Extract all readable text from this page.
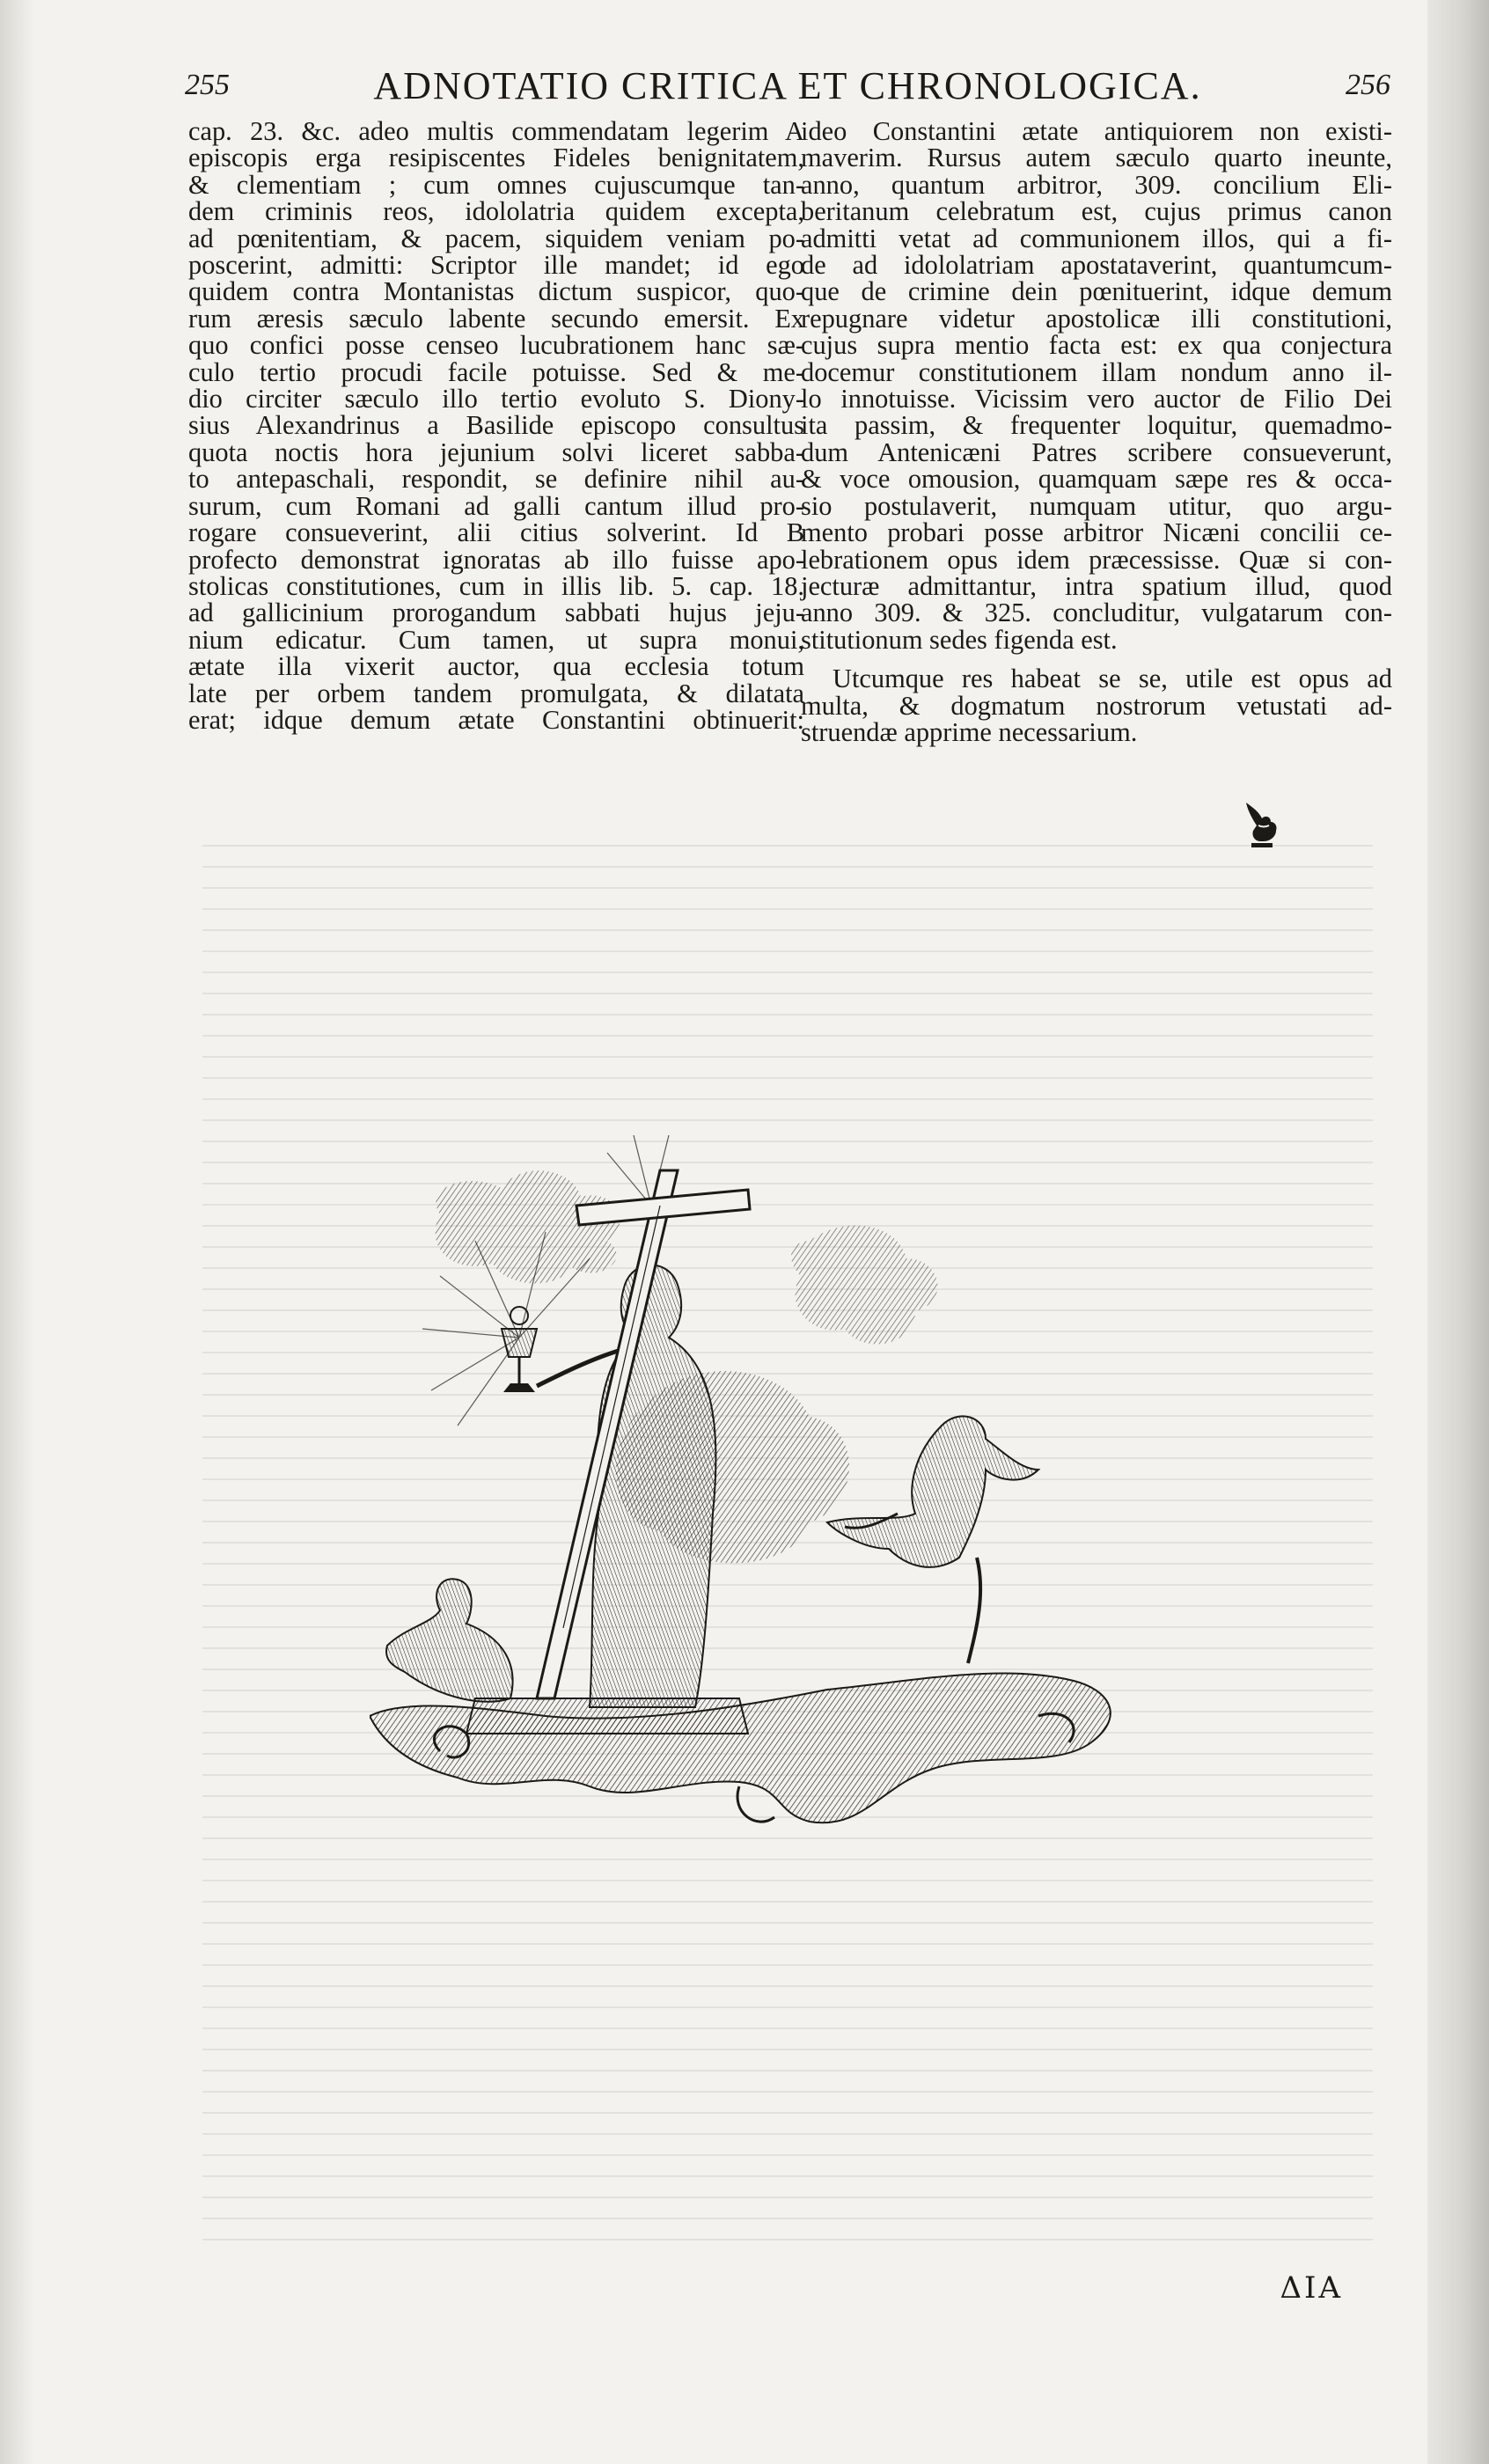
255	ADNOTATIO CRITICA ET CHRONOLOGICA.	256
cap. 23. &c. adeo multis commendatam legerim A
episcopis erga resipiscentes Fideles benignitatem,
& clementiam ; cum omnes cujuscumque tan-
dem criminis reos, idololatria quidem excepta,
ad pœnitentiam, & pacem, siquidem veniam po-
poscerint, admitti: Scriptor ille mandet; id ego
quidem contra Montanistas dictum suspicor, quo-
rum æresis sæculo labente secundo emersit. Ex
quo confici posse censeo lucubrationem hanc sæ-
culo tertio procudi facile potuisse. Sed & me-
dio circiter sæculo illo tertio evoluto S. Diony-
sius Alexandrinus a Basilide episcopo consultus
quota noctis hora jejunium solvi liceret sabba-
to antepaschali, respondit, se definire nihil au-
surum, cum Romani ad galli cantum illud pro-
rogare consueverint, alii citius solverint. Id B
profecto demonstrat ignoratas ab illo fuisse apo-
stolicas constitutiones, cum in illis lib. 5. cap. 18.
ad gallicinium prorogandum sabbati hujus jeju-
nium edicatur. Cum tamen, ut supra monui,
ætate illa vixerit auctor, qua ecclesia totum
late per orbem tandem promulgata, & dilatata
erat; idque demum ætate Constantini obtinuerit:
ideo Constantini ætate antiquiorem non existi-
maverim. Rursus autem sæculo quarto ineunte,
anno, quantum arbitror, 309. concilium Eli-
beritanum celebratum est, cujus primus canon
admitti vetat ad communionem illos, qui a fi-
de ad idololatriam apostataverint, quantumcum-
que de crimine dein pœnituerint, idque demum
repugnare videtur apostolicæ illi constitutioni,
cujus supra mentio facta est: ex qua conjectura
docemur constitutionem illam nondum anno il-
lo innotuisse. Vicissim vero auctor de Filio Dei
ita passim, & frequenter loquitur, quemadmo-
dum Antenicæni Patres scribere consueverunt,
& voce omousion, quamquam sæpe res & occa-
sio postulaverit, numquam utitur, quo argu-
mento probari posse arbitror Nicæni concilii ce-
lebrationem opus idem præcessisse. Quæ si con-
jecturæ admittantur, intra spatium illud, quod
anno 309. & 325. concluditur, vulgatarum con-
stitutionum sedes figenda est.
Utcumque res habeat se se, utile est opus ad
multa, & dogmatum nostrorum vetustati ad-
struendæ apprime necessarium.
ΔΙΑ
